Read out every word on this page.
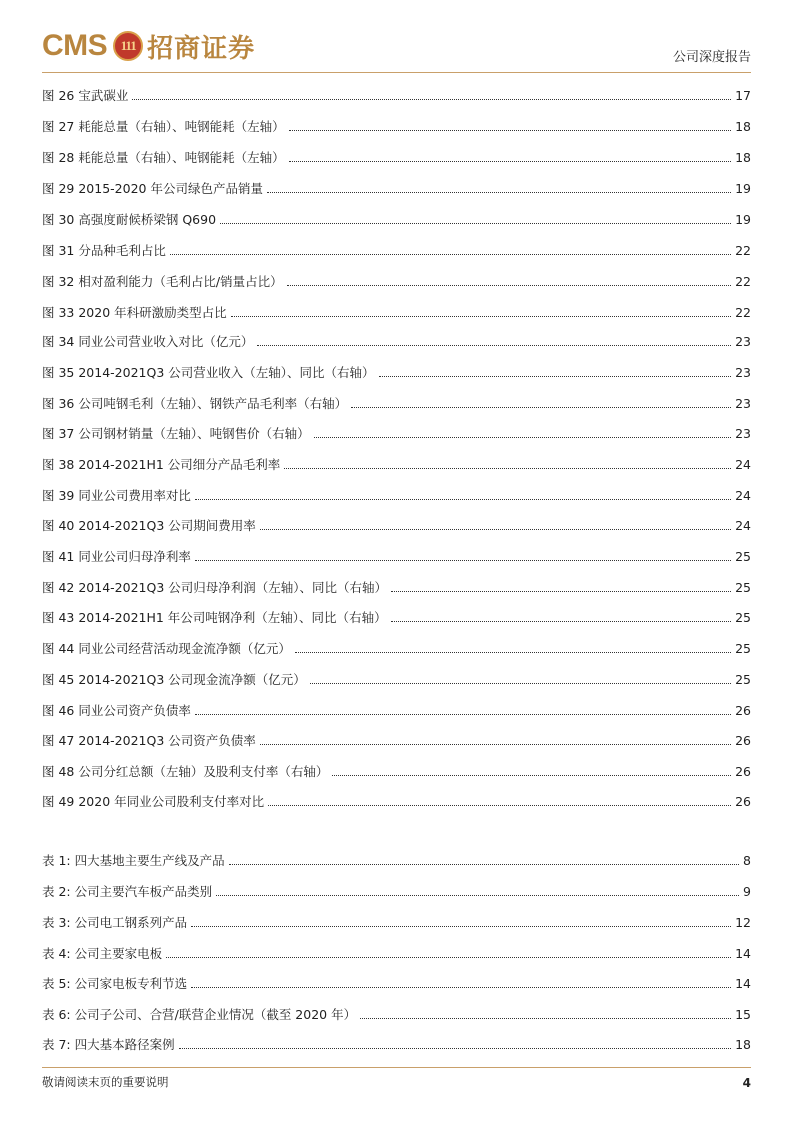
CMS 111 招商证券	公司深度报告
图 26 宝武碳业	17
图 27 耗能总量（右轴）、吨钢能耗（左轴）	18
图 28 耗能总量（右轴）、吨钢能耗（左轴）	18
图 29 2015-2020 年公司绿色产品销量	19
图 30 高强度耐候桥梁钢 Q690	19
图 31 分品种毛利占比	22
图 32 相对盈利能力（毛利占比/销量占比）	22
图 33 2020 年科研激励类型占比	22
图 34 同业公司营业收入对比（亿元）	23
图 35 2014-2021Q3 公司营业收入（左轴）、同比（右轴）	23
图 36 公司吨钢毛利（左轴）、钢铁产品毛利率（右轴）	23
图 37 公司钢材销量（左轴）、吨钢售价（右轴）	23
图 38 2014-2021H1 公司细分产品毛利率	24
图 39 同业公司费用率对比	24
图 40 2014-2021Q3 公司期间费用率	24
图 41 同业公司归母净利率	25
图 42 2014-2021Q3 公司归母净利润（左轴）、同比（右轴）	25
图 43 2014-2021H1 年公司吨钢净利（左轴）、同比（右轴）	25
图 44 同业公司经营活动现金流净额（亿元）	25
图 45 2014-2021Q3 公司现金流净额（亿元）	25
图 46 同业公司资产负债率	26
图 47 2014-2021Q3 公司资产负债率	26
图 48 公司分红总额（左轴）及股利支付率（右轴）	26
图 49 2020 年同业公司股利支付率对比	26
表 1: 四大基地主要生产线及产品	8
表 2: 公司主要汽车板产品类别	9
表 3: 公司电工钢系列产品	12
表 4: 公司主要家电板	14
表 5: 公司家电板专利节选	14
表 6: 公司子公司、合营/联营企业情况（截至 2020 年）	15
表 7: 四大基本路径案例	18
敬请阅读末页的重要说明	4
